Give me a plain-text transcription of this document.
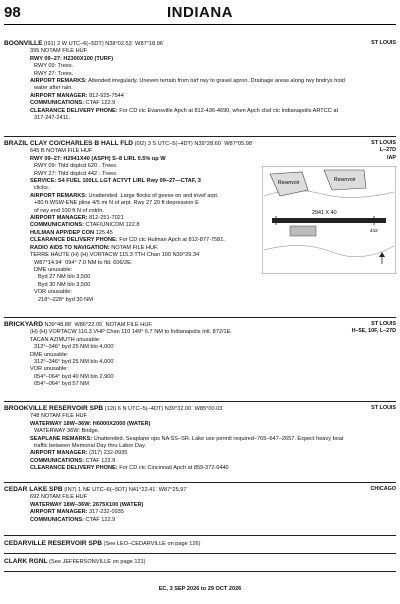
98	INDIANA
ST LOUIS
BOONVILLE (I91) 2 W UTC–6(–5DT) N38°02.53´ W87°18.96´
395 NOTAM FILE HUF
RWY 09–27: H2300X100 (TURF)
RWY 09: Trees.
RWY 27: Trees.
AIRPORT REMARKS: Attended irregularly. Uneven terrain from turf rwy to gravel apron. Drainage areas along rwy bndrys hold
water after rain.
AIRPORT MANAGER: 812-925-7544
COMMUNICATIONS: CTAF 122.9
CLEARANCE DELIVERY PHONE: For CD ctc Evansville Apch at 812-436-4690, when Apch clsd ctc Indianapolis ARTCC at
317-247-2411.
ST LOUIS
L–27D
IAP
BRAZIL CLAY CO/CHARLES B HALL FLD (0I2) 3 S UTC–5(–4DT) N39°28.60´ W87°05.98´
645 B NOTAM FILE HUF
RWY 09–27: H2941X40 (ASPH) S–8 LIRL 0.5% up W
RWY 09: Thld dsplcd 620´. Trees.
RWY 27: Thld dsplcd 442´. Trees.
SERVICE: S4 FUEL 100LL LGT ACTVT LIRL Rwy 09–27—CTAF, 3
clicks.
AIRPORT REMARKS: Unattended. Large flocks of geese on and invof arpt.
+80 ft WSW-ENE pline 4/5 mi N of arpt. Rwy 27 20 ft depression E
of rwy end 100 ft N of cntrln.
AIRPORT MANAGER: 812-251-7021
COMMUNICATIONS: CTAF/UNICOM 122.8
HULMAN APP/DEP CON 125.45
CLEARANCE DELIVERY PHONE: For CD ctc Hulman Apch at 812-877-7581.
RADIO AIDS TO NAVIGATION: NOTAM FILE HUF.
TERRE HAUTE (H) (H) VORTACW 115.3 TTH Chan 100 N39°29.34´
W87°14.94´ 094° 7.0 NM to fld. 606/2E.
DME unusable:
Byd 27 NM blo 3,500´
Byd 30 NM blo 3,500´
VOR unusable:
218°–228° byd 30 NM
Reservoir	Reservoir
2941 X 40
442
ST LOUIS
H–5E, 10F, L–27D
BRICKYARD N39°48.88´ W86°22.05´ NOTAM FILE HUF.
(H) (H) VORTACW 116.3 VHP Chan 110 149° 6.7 NM to Indianapolis Intl. 872/1E.
TACAN AZIMUTH unusable:
312°–346° byd 25 NM blo 4,000´
DME unusable:
312°–346° byd 25 NM blo 4,000´
VOR unusable:
054°–064° byd 40 NM blo 2,900´
054°–064° byd 57 NM
ST LOUIS
BROOKVILLE RESERVOIR SPB (12I) 6 N UTC–5(–4DT) N39°32.00´ W85°00.03´
748 NOTAM FILE HUF
WATERWAY 18W–36W: H6000X2000 (WATER)
WATERWAY 36W: Bridge.
SEAPLANE REMARKS: Unattended. Seaplane ops NA SS–SR. Lake use permit required–765–647–2657. Expect heavy boat
traffic between Memorial Day thru Labor Day.
AIRPORT MANAGER: (317) 232-0935
COMMUNICATIONS: CTAF 122.9
CLEARANCE DELIVERY PHONE: For CD ctc Cincinnati Apch at 859-372-6440
CHICAGO
CEDAR LAKE SPB (IN7) 1 NE UTC–6(–5DT) N41°22.41´ W87°25.97´
692 NOTAM FILE HUF
WATERWAY 18W–36W: 2675X100 (WATER)
AIRPORT MANAGER: 317-232-0935
COMMUNICATIONS: CTAF 122.9
CEDARVILLE RESERVOIR SPB (See LEO–CEDARVILLE on page 126)
CLARK RGNL (See JEFFERSONVILLE on page 121)
EC, 3 SEP 2026 to 29 OCT 2026
